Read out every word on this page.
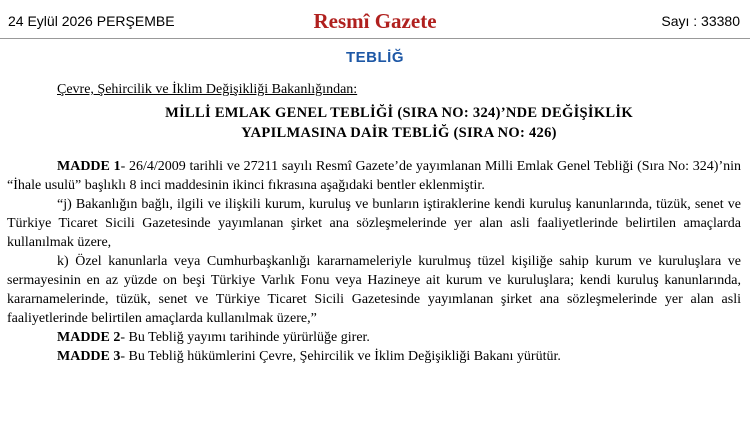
24 Eylül 2026 PERŞEMBE	Resmî Gazete	Sayı : 33380
TEBLİĞ

Çevre, Şehircilik ve İklim Değişikliği Bakanlığından:

MİLLİ EMLAK GENEL TEBLİĞİ (SIRA NO: 324)’NDE DEĞİŞİKLİK
YAPILMASINA DAİR TEBLİĞ (SIRA NO: 426)

MADDE 1- 26/4/2009 tarihli ve 27211 sayılı Resmî Gazete’de yayımlanan Milli Emlak Genel Tebliği (Sıra No: 324)’nin “İhale usulü” başlıklı 8 inci maddesinin ikinci fıkrasına aşağıdaki bentler eklenmiştir.

“j) Bakanlığın bağlı, ilgili ve ilişkili kurum, kuruluş ve bunların iştiraklerine kendi kuruluş kanunlarında, tüzük, senet ve Türkiye Ticaret Sicili Gazetesinde yayımlanan şirket ana sözleşmelerinde yer alan asli faaliyetlerinde belirtilen amaçlarda kullanılmak üzere,

k) Özel kanunlarla veya Cumhurbaşkanlığı kararnameleriyle kurulmuş tüzel kişiliğe sahip kurum ve kuruluşlara ve sermayesinin en az yüzde on beşi Türkiye Varlık Fonu veya Hazineye ait kurum ve kuruluşlara; kendi kuruluş kanunlarında, kararnamelerinde, tüzük, senet ve Türkiye Ticaret Sicili Gazetesinde yayımlanan şirket ana sözleşmelerinde yer alan asli faaliyetlerinde belirtilen amaçlarda kullanılmak üzere,”

MADDE 2- Bu Tebliğ yayımı tarihinde yürürlüğe girer.

MADDE 3- Bu Tebliğ hükümlerini Çevre, Şehircilik ve İklim Değişikliği Bakanı yürütür.
